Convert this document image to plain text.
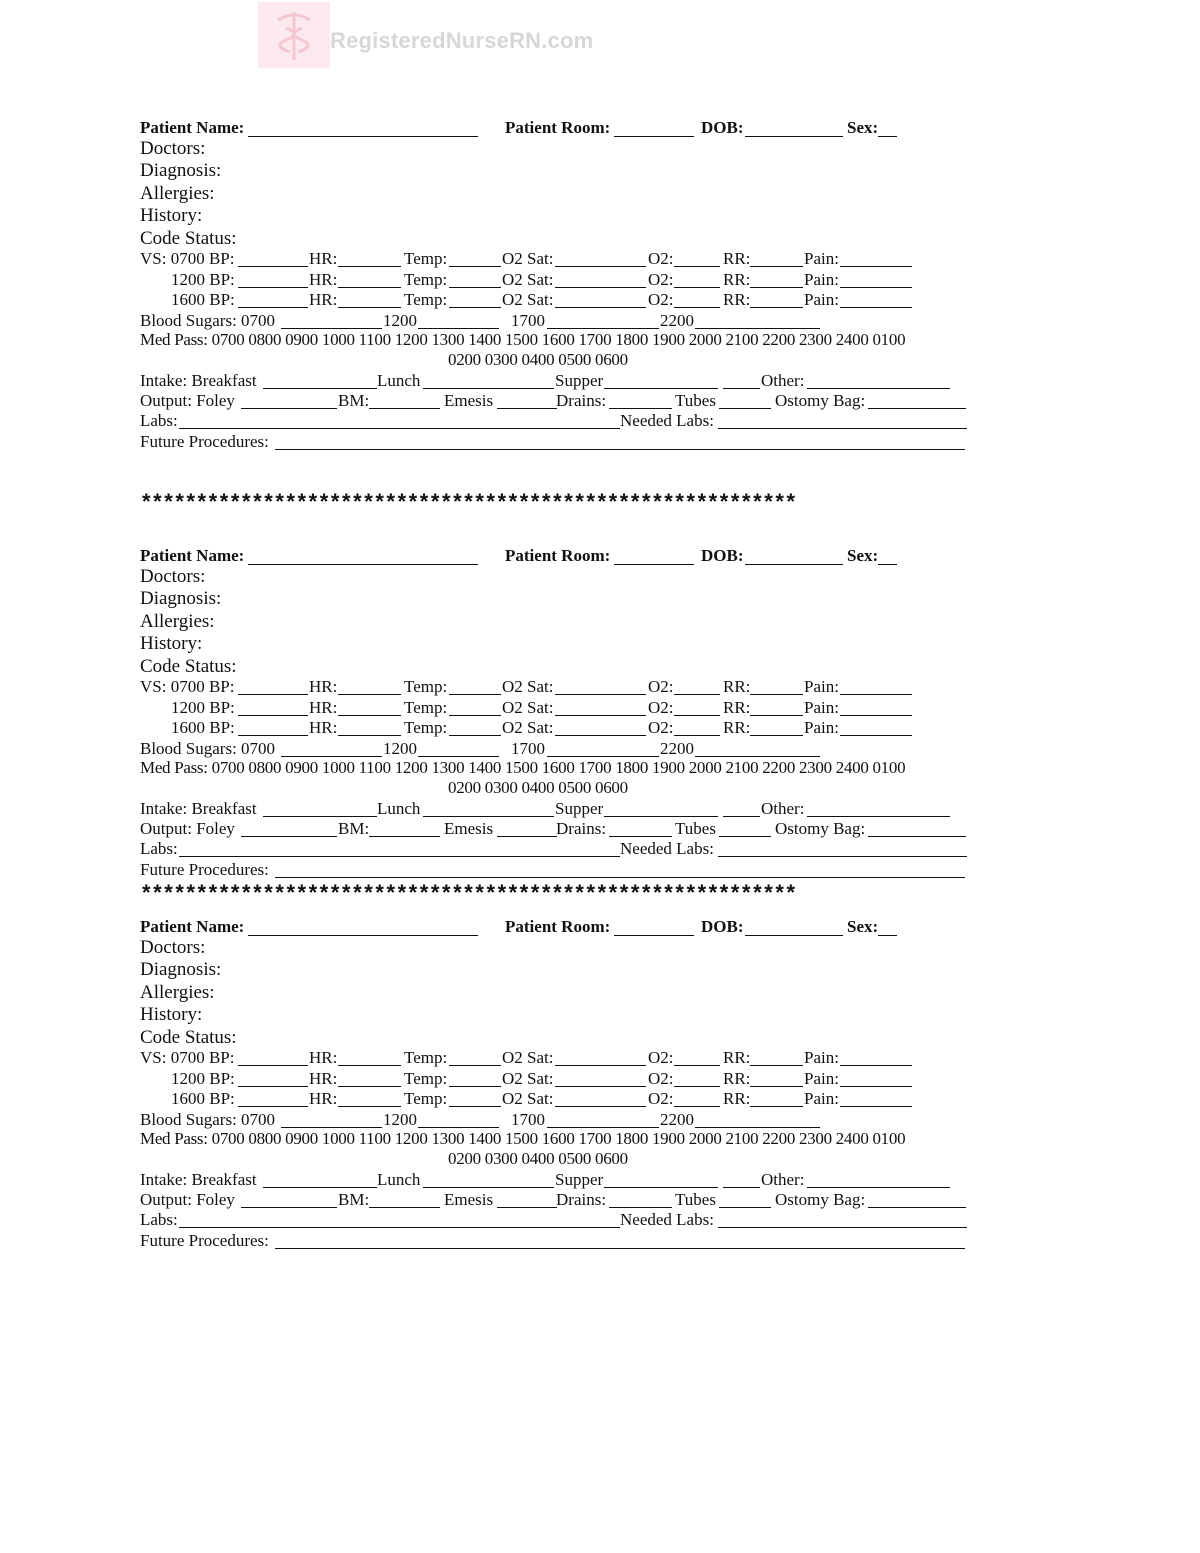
RegisteredNurseRN.com
Patient Name:	Patient Room:	DOB:	Sex:
Doctors:
Diagnosis:
Allergies:
History:
Code Status:
VS: 0700 BP:	HR:	Temp:	O2 Sat:	O2:	RR:	Pain:
1200 BP:	HR:	Temp:	O2 Sat:	O2:	RR:	Pain:
1600 BP:	HR:	Temp:	O2 Sat:	O2:	RR:	Pain:
Blood Sugars: 0700	1200	1700	2200
Med Pass: 0700 0800 0900 1000 1100 1200 1300 1400 1500 1600 1700 1800 1900 2000 2100 2200 2300 2400 0100
0200 0300 0400 0500 0600
Intake: Breakfast	Lunch	Supper	Other:
Output: Foley	BM:	Emesis	Drains:	Tubes	Ostomy Bag:
Labs:	Needed Labs:
Future Procedures:
Patient Name:	Patient Room:	DOB:	Sex:
Doctors:
Diagnosis:
Allergies:
History:
Code Status:
VS: 0700 BP:	HR:	Temp:	O2 Sat:	O2:	RR:	Pain:
1200 BP:	HR:	Temp:	O2 Sat:	O2:	RR:	Pain:
1600 BP:	HR:	Temp:	O2 Sat:	O2:	RR:	Pain:
Blood Sugars: 0700	1200	1700	2200
Med Pass: 0700 0800 0900 1000 1100 1200 1300 1400 1500 1600 1700 1800 1900 2000 2100 2200 2300 2400 0100
0200 0300 0400 0500 0600
Intake: Breakfast	Lunch	Supper	Other:
Output: Foley	BM:	Emesis	Drains:	Tubes	Ostomy Bag:
Labs:	Needed Labs:
Future Procedures:
Patient Name:	Patient Room:	DOB:	Sex:
Doctors:
Diagnosis:
Allergies:
History:
Code Status:
VS: 0700 BP:	HR:	Temp:	O2 Sat:	O2:	RR:	Pain:
1200 BP:	HR:	Temp:	O2 Sat:	O2:	RR:	Pain:
1600 BP:	HR:	Temp:	O2 Sat:	O2:	RR:	Pain:
Blood Sugars: 0700	1200	1700	2200
Med Pass: 0700 0800 0900 1000 1100 1200 1300 1400 1500 1600 1700 1800 1900 2000 2100 2200 2300 2400 0100
0200 0300 0400 0500 0600
Intake: Breakfast	Lunch	Supper	Other:
Output: Foley	BM:	Emesis	Drains:	Tubes	Ostomy Bag:
Labs:	Needed Labs:
Future Procedures:
***********************************************************
***********************************************************
